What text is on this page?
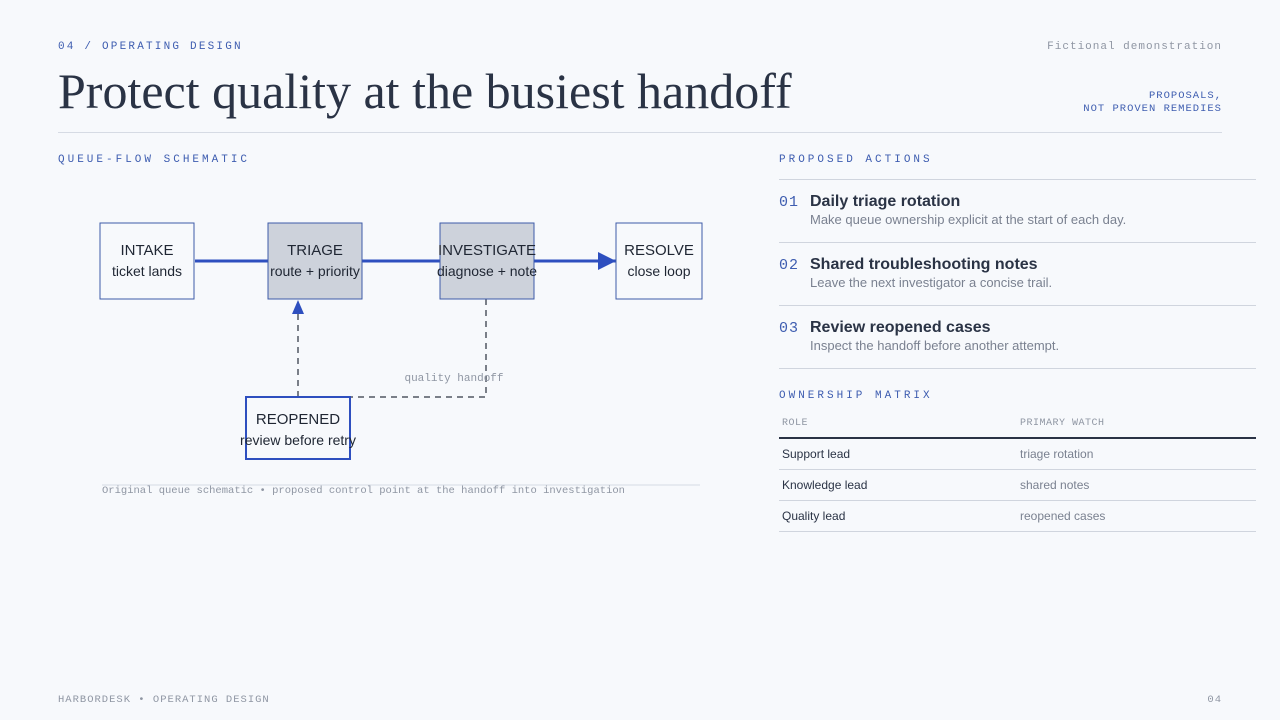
04 / OPERATING DESIGN	Fictional demonstration
Protect quality at the busiest handoff	PROPOSALS,
NOT PROVEN REMEDIES
QUEUE-FLOW SCHEMATIC
INTAKE
ticket lands
TRIAGE
route + priority
INVESTIGATE
diagnose + note
RESOLVE
close loop
REOPENED
review before retry
quality handoff
Original queue schematic • proposed control point at the handoff into investigation
PROPOSED ACTIONS
01 Daily triage rotation
Make queue ownership explicit at the start of each day.
02 Shared troubleshooting notes
Leave the next investigator a concise trail.
03 Review reopened cases
Inspect the handoff before another attempt.
OWNERSHIP MATRIX
ROLE	PRIMARY WATCH
Support lead	triage rotation
Knowledge lead	shared notes
Quality lead	reopened cases
HARBORDESK • OPERATING DESIGN	04
